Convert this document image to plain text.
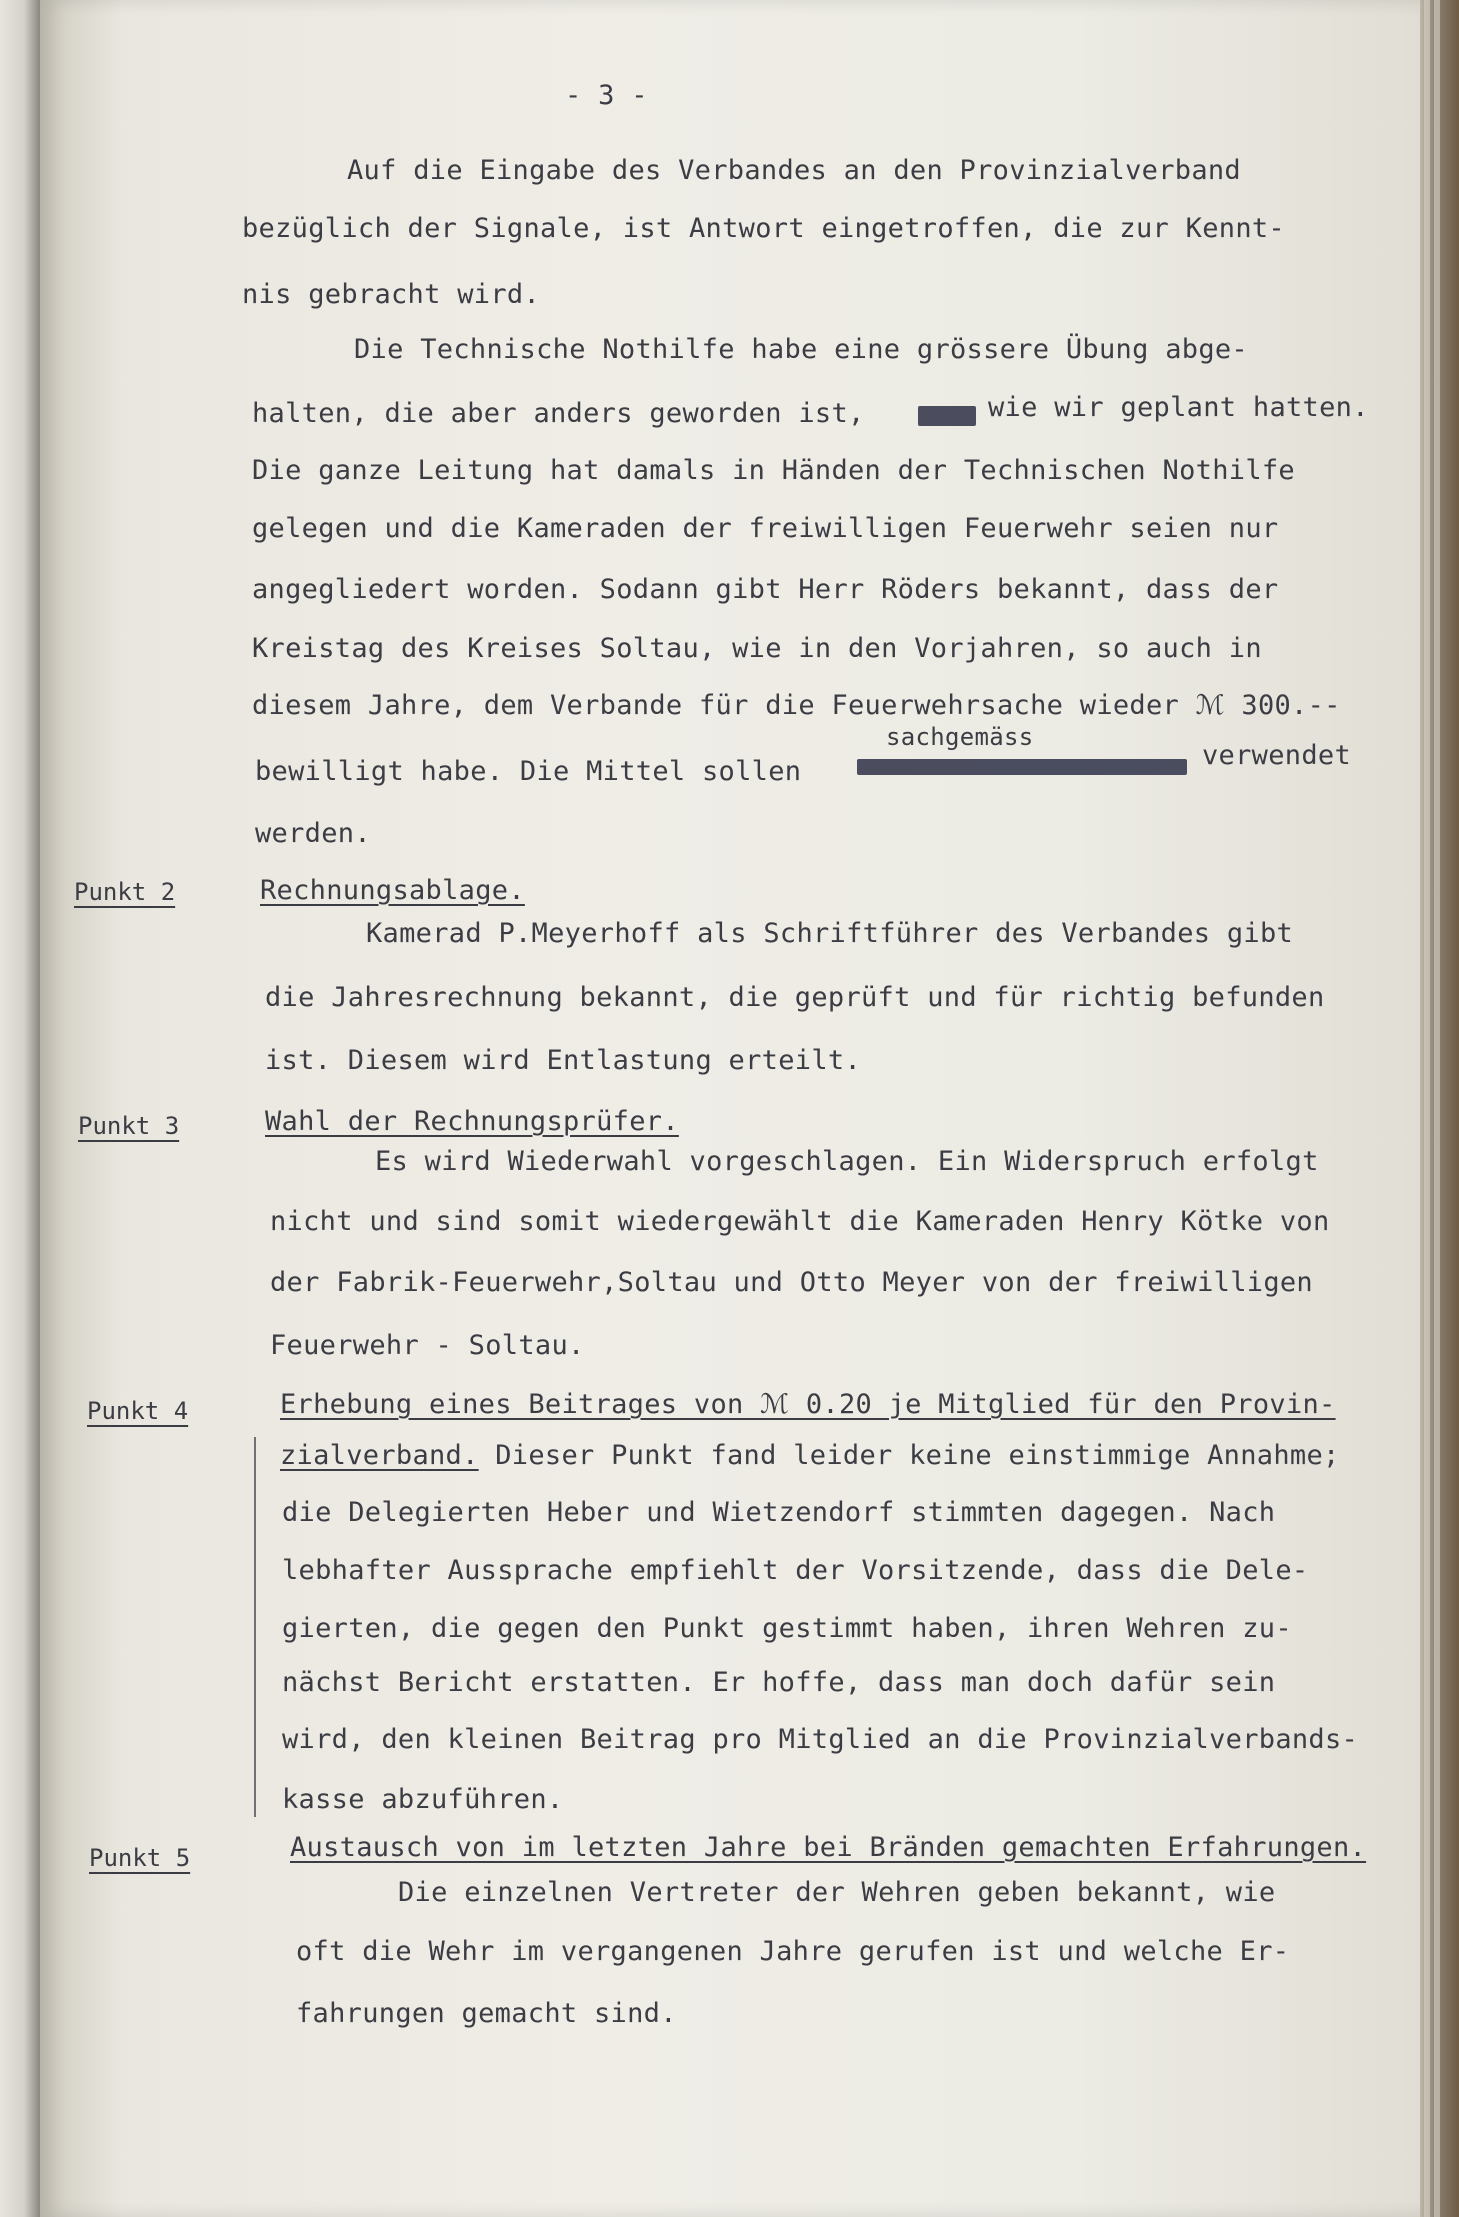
- 3 -
Auf die Eingabe des Verbandes an den Provinzialverband
bezüglich der Signale, ist Antwort eingetroffen, die zur Kennt-
nis gebracht wird.
Die Technische Nothilfe habe eine grössere Übung abge-
halten, die aber anders geworden ist,	wie wir geplant hatten.
Die ganze Leitung hat damals in Händen der Technischen Nothilfe
gelegen und die Kameraden der freiwilligen Feuerwehr seien nur
angegliedert worden. Sodann gibt Herr Röders bekannt, dass der
Kreistag des Kreises Soltau, wie in den Vorjahren, so auch in
diesem Jahre, dem Verbande für die Feuerwehrsache wieder ℳ 300.--
sachgemäss
bewilligt habe. Die Mittel sollen
verwendet
werden.
Punkt 2	Rechnungsablage.
Kamerad P.Meyerhoff als Schriftführer des Verbandes gibt
die Jahresrechnung bekannt, die geprüft und für richtig befunden
ist. Diesem wird Entlastung erteilt.
Punkt 3	Wahl der Rechnungsprüfer.
Es wird Wiederwahl vorgeschlagen. Ein Widerspruch erfolgt
nicht und sind somit wiedergewählt die Kameraden Henry Kötke von
der Fabrik-Feuerwehr,Soltau und Otto Meyer von der freiwilligen
Feuerwehr - Soltau.
Punkt 4	Erhebung eines Beitrages von ℳ 0.20 je Mitglied für den Provin-
zialverband. Dieser Punkt fand leider keine einstimmige Annahme;
die Delegierten Heber und Wietzendorf stimmten dagegen. Nach
lebhafter Aussprache empfiehlt der Vorsitzende, dass die Dele-
gierten, die gegen den Punkt gestimmt haben, ihren Wehren zu-
nächst Bericht erstatten. Er hoffe, dass man doch dafür sein
wird, den kleinen Beitrag pro Mitglied an die Provinzialverbands-
kasse abzuführen.
Punkt 5	Austausch von im letzten Jahre bei Bränden gemachten Erfahrungen.
Die einzelnen Vertreter der Wehren geben bekannt, wie
oft die Wehr im vergangenen Jahre gerufen ist und welche Er-
fahrungen gemacht sind.
